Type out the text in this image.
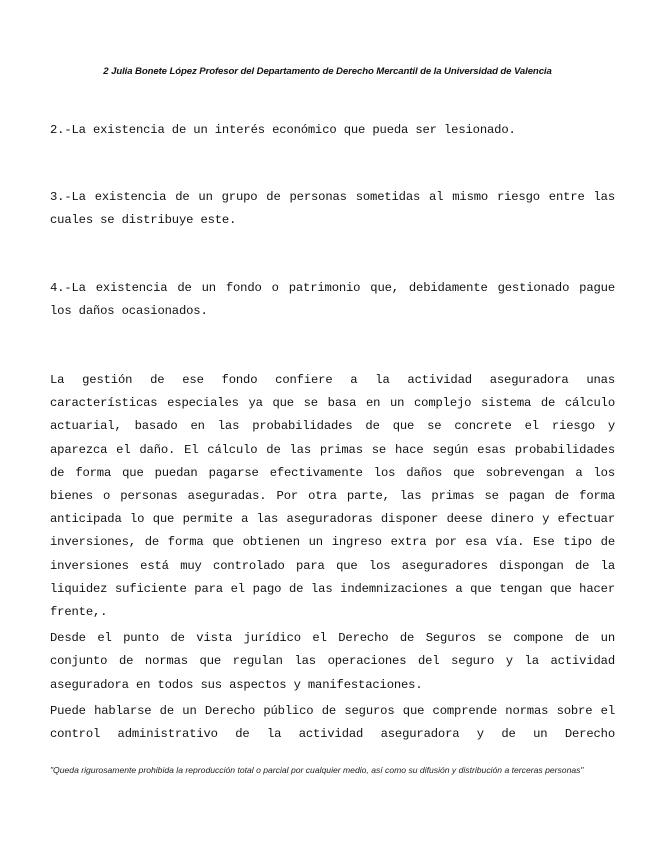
2 Julia Bonete López Profesor del Departamento de Derecho Mercantil de la Universidad de Valencia

2.-La existencia de un interés económico que pueda ser lesionado.

3.-La existencia de un grupo de personas sometidas al mismo riesgo entre las cuales se distribuye este.

4.-La existencia de un fondo o patrimonio que, debidamente gestionado pague los daños ocasionados.

La gestión de ese fondo confiere a la actividad aseguradora unas características especiales ya que se basa en un complejo sistema de cálculo actuarial, basado en las probabilidades de que se concrete el riesgo y aparezca el daño. El cálculo de las primas se hace según esas probabilidades de forma que puedan pagarse efectivamente los daños que sobrevengan a los bienes o personas aseguradas. Por otra parte, las primas se pagan de forma anticipada lo que permite a las aseguradoras disponer deese dinero y efectuar inversiones, de forma que obtienen un ingreso extra por esa vía. Ese tipo de inversiones está muy controlado para que los aseguradores dispongan de la liquidez suficiente para el pago de las indemnizaciones a que tengan que hacer frente,.

Desde el punto de vista jurídico el Derecho de Seguros se compone de un conjunto de normas que regulan las operaciones del seguro y la actividad aseguradora en todos sus aspectos y manifestaciones.

Puede hablarse de un Derecho público de seguros que comprende normas sobre el control administrativo de la actividad aseguradora y de un Derecho

"Queda rigurosamente prohibida la reproducción total o parcial por cualquier medio, así como su difusión y distribución a terceras personas"
